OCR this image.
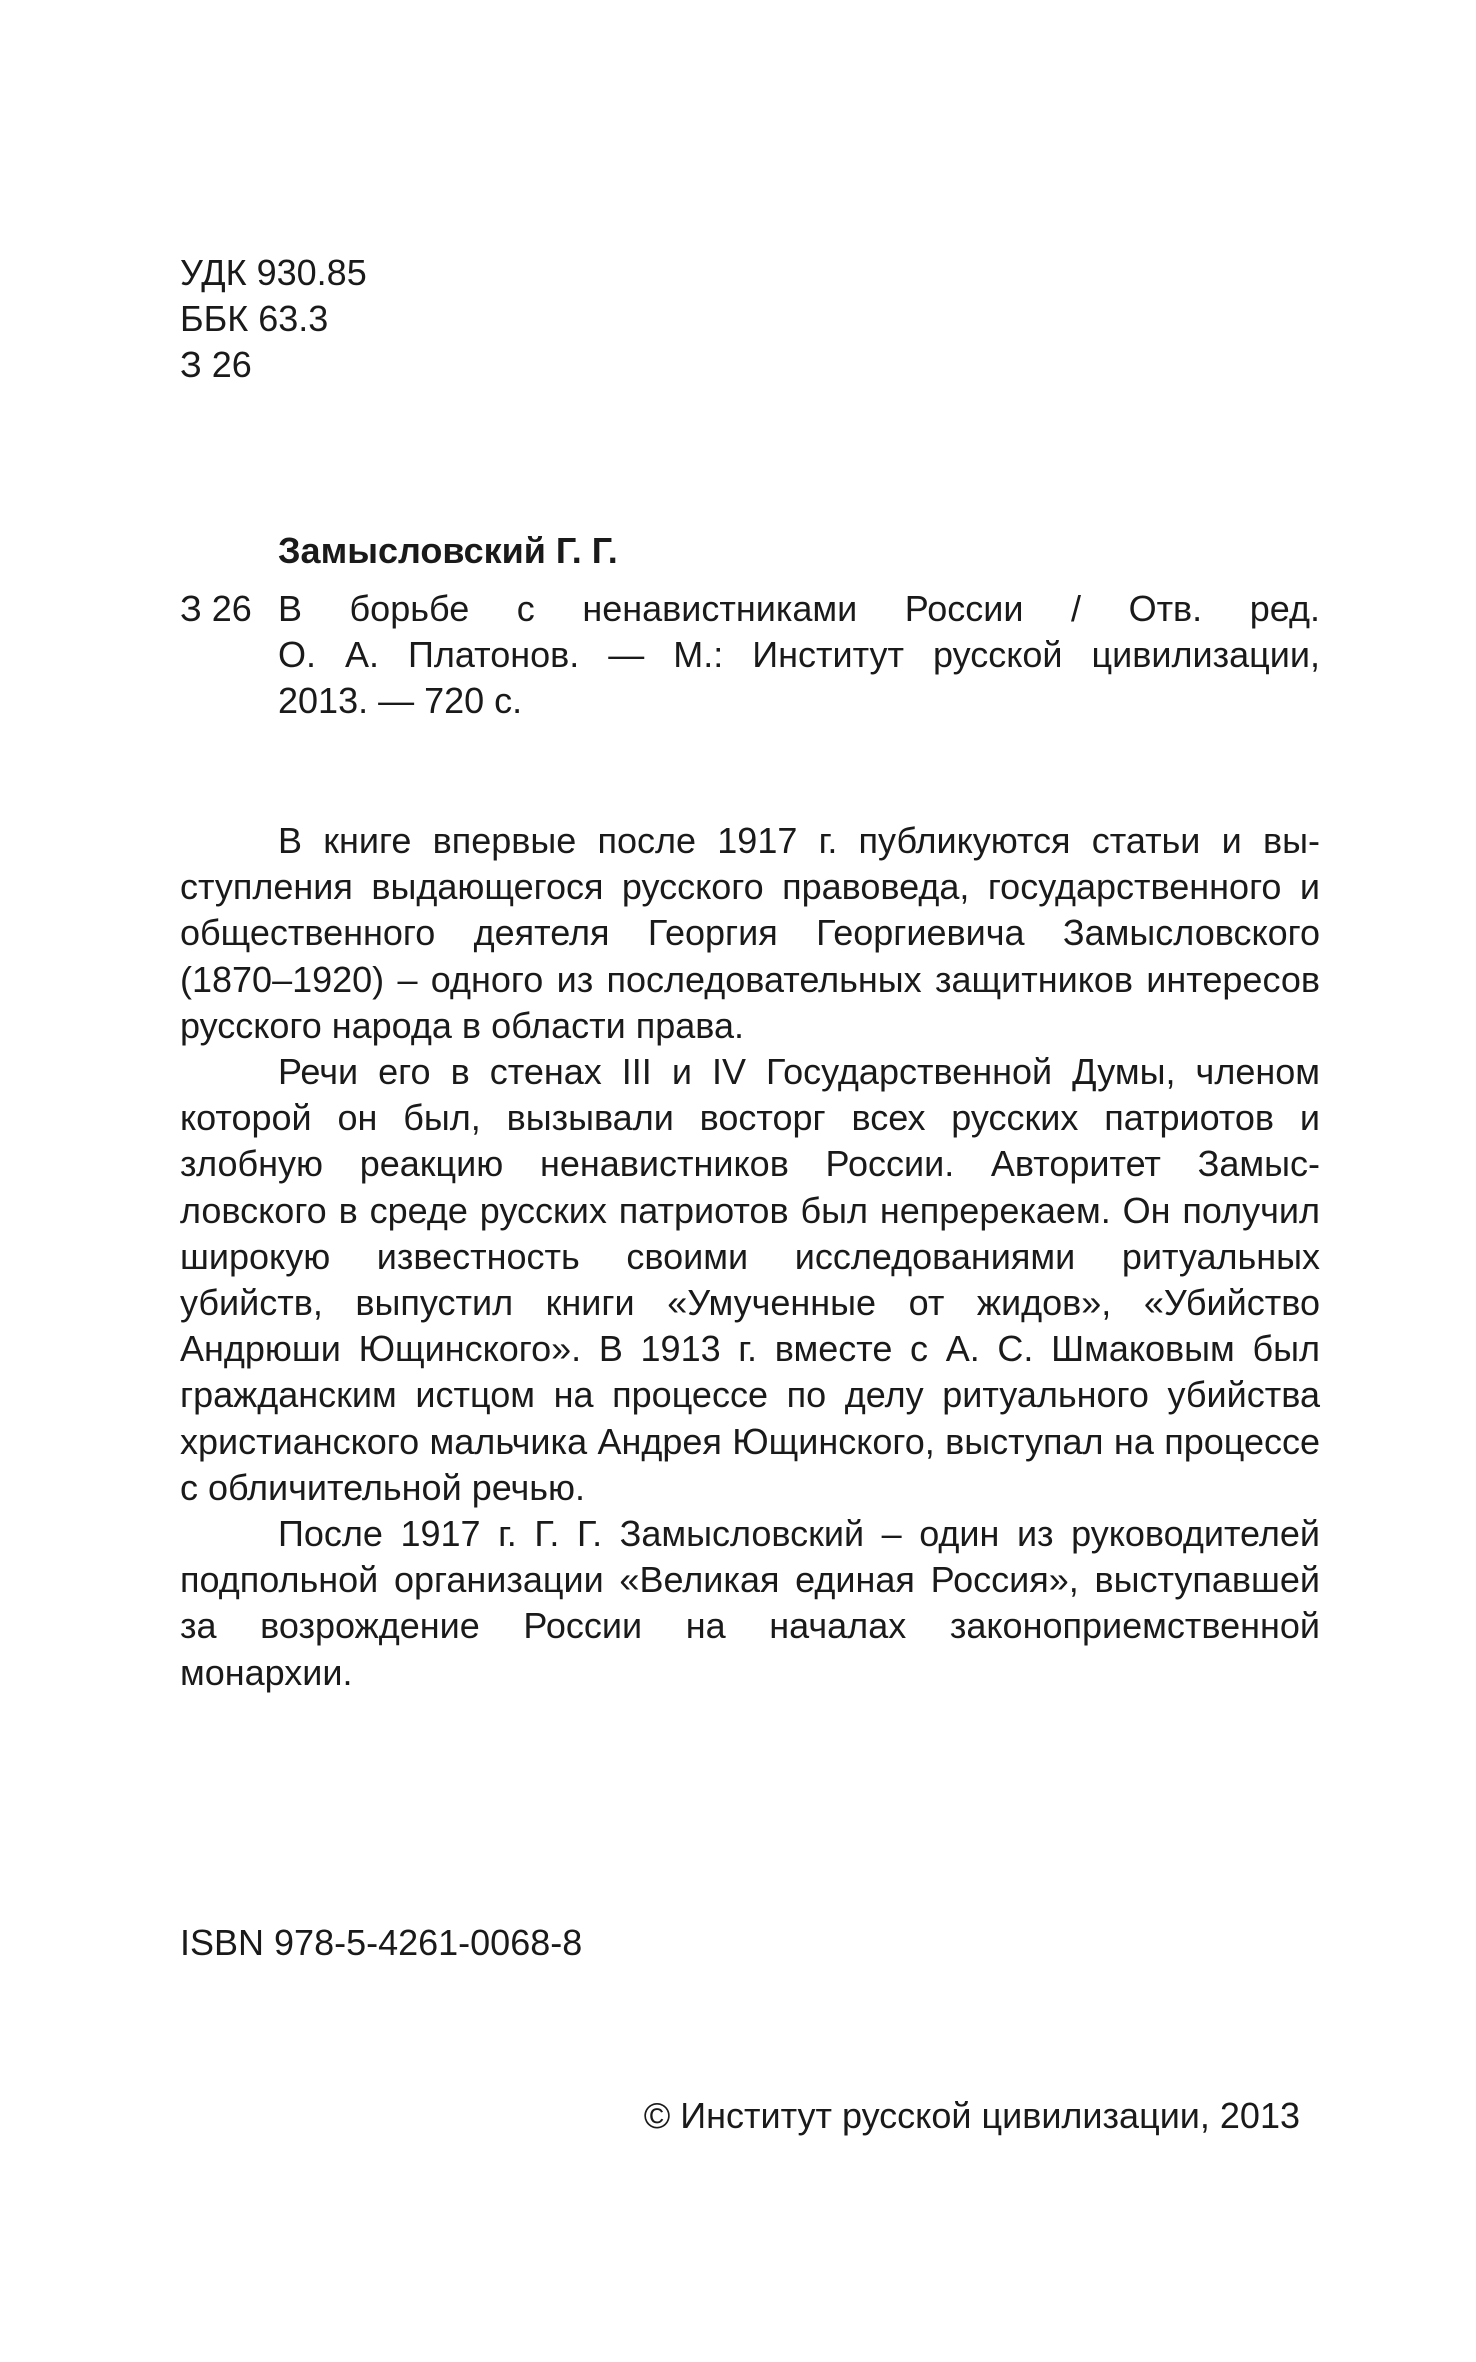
УДК 930.85
ББК 63.3
З 26
Замысловский Г. Г.
З 26 В борьбе с ненавистниками России / Отв. ред.
О. А. Платонов. — М.: Институт русской цивилизации,
2013. — 720 с.

В книге впервые после 1917 г. публикуются статьи и выступления выдающегося русского правоведа, государственного и общественного деятеля Георгия Георгиевича Замысловского (1870–1920) – одного из последовательных защитников интересов русского народа в области права.

Речи его в стенах III и IV Государственной Думы, членом которой он был, вызывали восторг всех русских патриотов и злобную реакцию ненавистников России. Авторитет Замысловского в среде русских патриотов был непререкаем. Он получил широкую известность своими исследованиями ритуальных убийств, выпустил книги «Умученные от жидов», «Убийство Андрюши Ющинского». В 1913 г. вместе с А. С. Шмаковым был гражданским истцом на процессе по делу ритуального убийства христианского мальчика Андрея Ющинского, выступал на процессе с обличительной речью.

После 1917 г. Г. Г. Замысловский – один из руководителей подпольной организации «Великая единая Россия», выступавшей за возрождение России на началах законоприемственной монархии.

ISBN 978-5-4261-0068-8
© Институт русской цивилизации, 2013
